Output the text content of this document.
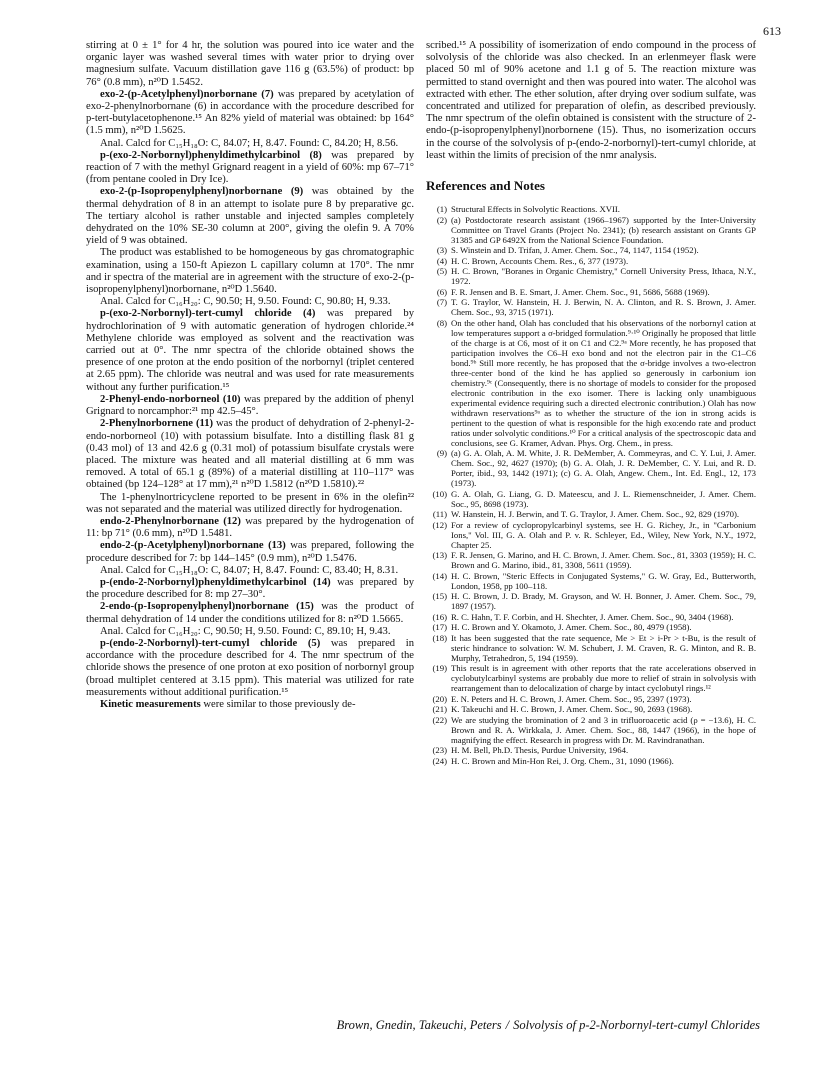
613

stirring at 0 ± 1° for 4 hr, the solution was poured into ice water and the organic layer was washed several times with water prior to drying over magnesium sulfate. Vacuum distillation gave 116 g (63.5%) of product: bp 76° (0.8 mm), n²⁰D 1.5452.

exo-2-(p-Acetylphenyl)norbornane (7) was prepared by acetylation of exo-2-phenylnorbornane (6) in accordance with the procedure described for p-tert-butylacetophenone.¹⁵ An 82% yield of material was obtained: bp 164° (1.5 mm), n²⁰D 1.5625.

Anal. Calcd for C₁₅H₁₈O: C, 84.07; H, 8.47. Found: C, 84.20; H, 8.56.

p-(exo-2-Norbornyl)phenyldimethylcarbinol (8) was prepared by reaction of 7 with the methyl Grignard reagent in a yield of 60%: mp 67–71° (from pentane cooled in Dry Ice).

exo-2-(p-Isopropenylphenyl)norbornane (9) was obtained by the thermal dehydration of 8 in an attempt to isolate pure 8 by preparative gc. The tertiary alcohol is rather unstable and injected samples completely dehydrated on the 10% SE-30 column at 200°, giving the olefin 9. A 70% yield of 9 was obtained.

The product was established to be homogeneous by gas chromatographic examination, using a 150-ft Apiezon L capillary column at 170°. The nmr and ir spectra of the material are in agreement with the structure of exo-2-(p-isopropenylphenyl)norbornane, n²⁰D 1.5640.

Anal. Calcd for C₁₆H₂₀: C, 90.50; H, 9.50. Found: C, 90.80; H, 9.33.

p-(exo-2-Norbornyl)-tert-cumyl chloride (4) was prepared by hydrochlorination of 9 with automatic generation of hydrogen chloride.²⁴ Methylene chloride was employed as solvent and the reactivation was carried out at 0°. The nmr spectra of the chloride obtained shows the presence of one proton at the endo position of the norbornyl (triplet centered at 2.65 ppm). The chloride was neutral and was used for rate measurements without any further purification.¹⁵

2-Phenyl-endo-norborneol (10) was prepared by the addition of phenyl Grignard to norcamphor:²¹ mp 42.5–45°.

2-Phenylnorbornene (11) was the product of dehydration of 2-phenyl-2-endo-norborneol (10) with potassium bisulfate. Into a distilling flask 81 g (0.43 mol) of 13 and 42.6 g (0.31 mol) of potassium bisulfate crystals were placed. The mixture was heated and all material distilling at 6 mm was removed. A total of 65.1 g (89%) of a material distilling at 110–117° was obtained (bp 124–128° at 17 mm),²¹ n²⁰D 1.5812 (n²⁰D 1.5810).²²

The 1-phenylnortricyclene reported to be present in 6% in the olefin²² was not separated and the material was utilized directly for hydrogenation.

endo-2-Phenylnorbornane (12) was prepared by the hydrogenation of 11: bp 71° (0.6 mm), n²⁰D 1.5481.

endo-2-(p-Acetylphenyl)norbornane (13) was prepared, following the procedure described for 7: bp 144–145° (0.9 mm), n²⁰D 1.5476.

Anal. Calcd for C₁₅H₁₈O: C, 84.07; H, 8.47. Found: C, 83.40; H, 8.31.

p-(endo-2-Norbornyl)phenyldimethylcarbinol (14) was prepared by the procedure described for 8: mp 27–30°.

2-endo-(p-Isopropenylphenyl)norbornane (15) was the product of thermal dehydration of 14 under the conditions utilized for 8: n²⁰D 1.5665.

Anal. Calcd for C₁₆H₂₀: C, 90.50; H, 9.50. Found: C, 89.10; H, 9.43.

p-(endo-2-Norbornyl)-tert-cumyl chloride (5) was prepared in accordance with the procedure described for 4. The nmr spectrum of the chloride shows the presence of one proton at exo position of norbornyl group (broad multiplet centered at 3.15 ppm). This material was utilized for rate measurements without additional purification.¹⁵

Kinetic measurements were similar to those previously de-

scribed.¹⁵ A possibility of isomerization of endo compound in the process of solvolysis of the chloride was also checked. In an erlenmeyer flask were placed 50 ml of 90% acetone and 1.1 g of 5. The reaction mixture was permitted to stand overnight and then was poured into water. The alcohol was extracted with ether. The ether solution, after drying over sodium sulfate, was concentrated and utilized for preparation of olefin, as described previously. The nmr spectrum of the olefin obtained is consistent with the structure of 2-endo-(p-isopropenylphenyl)norbornene (15). Thus, no isomerization occurs in the course of the solvolysis of p-(endo-2-norbornyl)-tert-cumyl chloride, at least within the limits of precision of the nmr analysis.

References and Notes
(1) Structural Effects in Solvolytic Reactions. XVII.
(2) (a) Postdoctorate research assistant (1966–1967) supported by the Inter-University Committee on Travel Grants (Project No. 2341); (b) research assistant on Grants GP 31385 and GP 6492X from the National Science Foundation.
(3) S. Winstein and D. Trifan, J. Amer. Chem. Soc., 74, 1147, 1154 (1952).
(4) H. C. Brown, Accounts Chem. Res., 6, 377 (1973).
(5) H. C. Brown, "Boranes in Organic Chemistry," Cornell University Press, Ithaca, N.Y., 1972.
(6) F. R. Jensen and B. E. Smart, J. Amer. Chem. Soc., 91, 5686, 5688 (1969).
(7) T. G. Traylor, W. Hanstein, H. J. Berwin, N. A. Clinton, and R. S. Brown, J. Amer. Chem. Soc., 93, 3715 (1971).
(8) On the other hand, Olah has concluded that his observations of the norbornyl cation at low temperatures support a σ-bridged formulation.⁹·¹⁰ Originally he proposed that little of the charge is at C6, most of it on C1 and C2.⁹ᵃ More recently, he has proposed that participation involves the C6–H exo bond and not the electron pair in the C1–C6 bond.⁹ᵇ Still more recently, he has proposed that the σ-bridge involves a two-electron three-center bond of the kind he has applied so generously in carbonium ion chemistry.⁹ᶜ (Consequently, there is no shortage of models to consider for the proposed electronic contribution in the exo isomer. There is lacking only unambiguous experimental evidence requiring such a directed electronic contribution.) Olah has now withdrawn reservations⁹ᵃ as to whether the structure of the ion in strong acids is pertinent to the question of what is responsible for the high exo:endo rate and product ratios under solvolytic conditions.¹⁰ For a critical analysis of the spectroscopic data and conclusions, see G. Kramer, Advan. Phys. Org. Chem., in press.
(9) (a) G. A. Olah, A. M. White, J. R. DeMember, A. Commeyras, and C. Y. Lui, J. Amer. Chem. Soc., 92, 4627 (1970); (b) G. A. Olah, J. R. DeMember, C. Y. Lui, and R. D. Porter, ibid., 93, 1442 (1971); (c) G. A. Olah, Angew. Chem., Int. Ed. Engl., 12, 173 (1973).
(10) G. A. Olah, G. Liang, G. D. Mateescu, and J. L. Riemenschneider, J. Amer. Chem. Soc., 95, 8698 (1973).
(11) W. Hanstein, H. J. Berwin, and T. G. Traylor, J. Amer. Chem. Soc., 92, 829 (1970).
(12) For a review of cyclopropylcarbinyl systems, see H. G. Richey, Jr., in "Carbonium Ions," Vol. III, G. A. Olah and P. v. R. Schleyer, Ed., Wiley, New York, N.Y., 1972, Chapter 25.
(13) F. R. Jensen, G. Marino, and H. C. Brown, J. Amer. Chem. Soc., 81, 3303 (1959); H. C. Brown and G. Marino, ibid., 81, 3308, 5611 (1959).
(14) H. C. Brown, "Steric Effects in Conjugated Systems," G. W. Gray, Ed., Butterworth, London, 1958, pp 100–118.
(15) H. C. Brown, J. D. Brady, M. Grayson, and W. H. Bonner, J. Amer. Chem. Soc., 79, 1897 (1957).
(16) R. C. Hahn, T. F. Corbin, and H. Shechter, J. Amer. Chem. Soc., 90, 3404 (1968).
(17) H. C. Brown and Y. Okamoto, J. Amer. Chem. Soc., 80, 4979 (1958).
(18) It has been suggested that the rate sequence, Me > Et > i-Pr > t-Bu, is the result of steric hindrance to solvation: W. M. Schubert, J. M. Craven, R. G. Minton, and R. B. Murphy, Tetrahedron, 5, 194 (1959).
(19) This result is in agreement with other reports that the rate accelerations observed in cyclobutylcarbinyl systems are probably due more to relief of strain in solvolysis with rearrangement than to delocalization of charge by intact cyclobutyl rings.¹²
(20) E. N. Peters and H. C. Brown, J. Amer. Chem. Soc., 95, 2397 (1973).
(21) K. Takeuchi and H. C. Brown, J. Amer. Chem. Soc., 90, 2693 (1968).
(22) We are studying the bromination of 2 and 3 in trifluoroacetic acid (ρ = −13.6), H. C. Brown and R. A. Wirkkala, J. Amer. Chem. Soc., 88, 1447 (1966), in the hope of magnifying the effect. Research in progress with Dr. M. Ravindranathan.
(23) H. M. Bell, Ph.D. Thesis, Purdue University, 1964.
(24) H. C. Brown and Min-Hon Rei, J. Org. Chem., 31, 1090 (1966).
Brown, Gnedin, Takeuchi, Peters / Solvolysis of p-2-Norbornyl-tert-cumyl Chlorides
